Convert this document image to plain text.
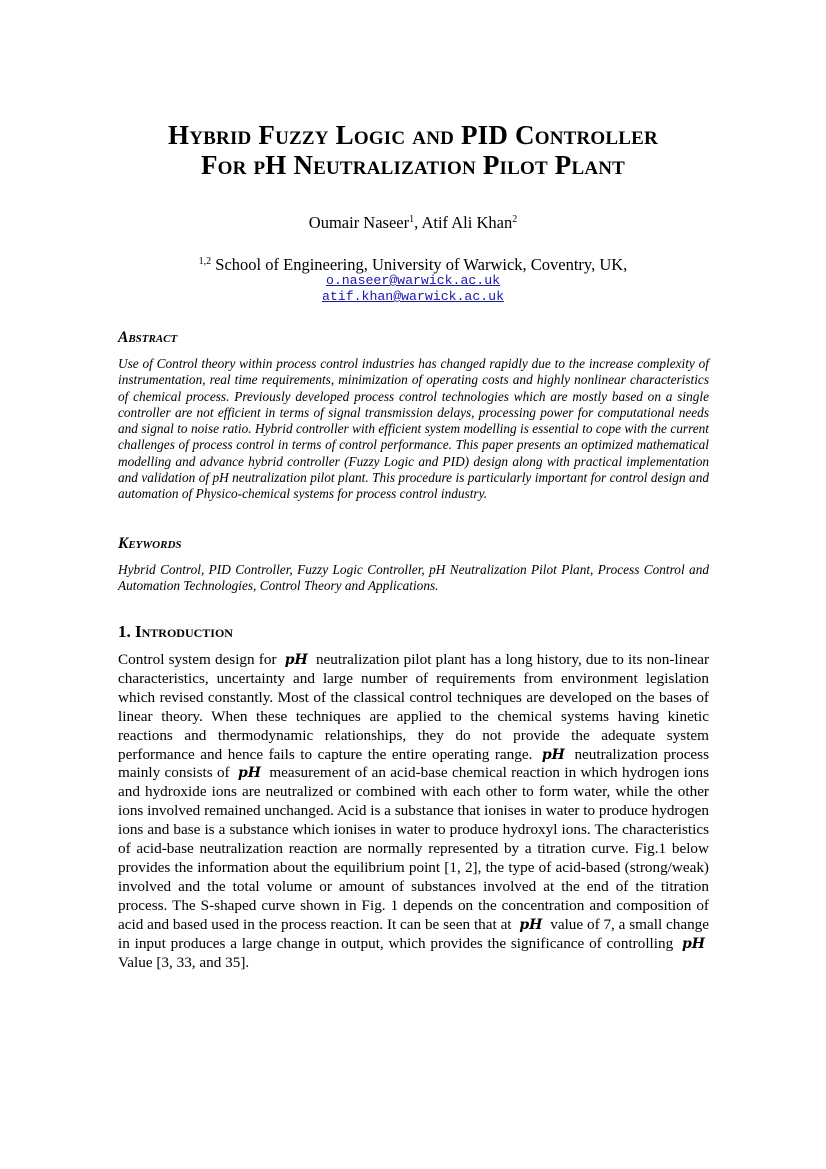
Hybrid Fuzzy Logic and PID Controller
For pH Neutralization Pilot Plant
Oumair Naseer$^1$, Atif Ali Khan$^2$
$^{1,2}$ School of Engineering, University of Warwick, Coventry, UK,
o.naseer@warwick.ac.uk
atif.khan@warwick.ac.uk
Abstract
Use of Control theory within process control industries has changed rapidly due to the increase complexity of instrumentation, real time requirements, minimization of operating costs and highly nonlinear characteristics of chemical process. Previously developed process control technologies which are mostly based on a single controller are not efficient in terms of signal transmission delays, processing power for computational needs and signal to noise ratio. Hybrid controller with efficient system modelling is essential to cope with the current challenges of process control in terms of control performance. This paper presents an optimized mathematical modelling and advance hybrid controller (Fuzzy Logic and PID) design along with practical implementation and validation of pH neutralization pilot plant. This procedure is particularly important for control design and automation of Physico-chemical systems for process control industry.
Keywords
Hybrid Control, PID Controller, Fuzzy Logic Controller, pH Neutralization Pilot Plant, Process Control and Automation Technologies, Control Theory and Applications.
1. Introduction
Control system design for pH neutralization pilot plant has a long history, due to its non-linear characteristics, uncertainty and large number of requirements from environment legislation which revised constantly. Most of the classical control techniques are developed on the bases of linear theory. When these techniques are applied to the chemical systems having kinetic reactions and thermodynamic relationships, they do not provide the adequate system performance and hence fails to capture the entire operating range. pH neutralization process mainly consists of pH measurement of an acid-base chemical reaction in which hydrogen ions and hydroxide ions are neutralized or combined with each other to form water, while the other ions involved remained unchanged. Acid is a substance that ionises in water to produce hydrogen ions and base is a substance which ionises in water to produce hydroxyl ions. The characteristics of acid-base neutralization reaction are normally represented by a titration curve. Fig.1 below provides the information about the equilibrium point [1, 2], the type of acid-based (strong/weak) involved and the total volume or amount of substances involved at the end of the titration process. The S-shaped curve shown in Fig. 1 depends on the concentration and composition of acid and based used in the process reaction. It can be seen that at pH value of 7, a small change in input produces a large change in output, which provides the significance of controlling pH Value [3, 33, and 35].
